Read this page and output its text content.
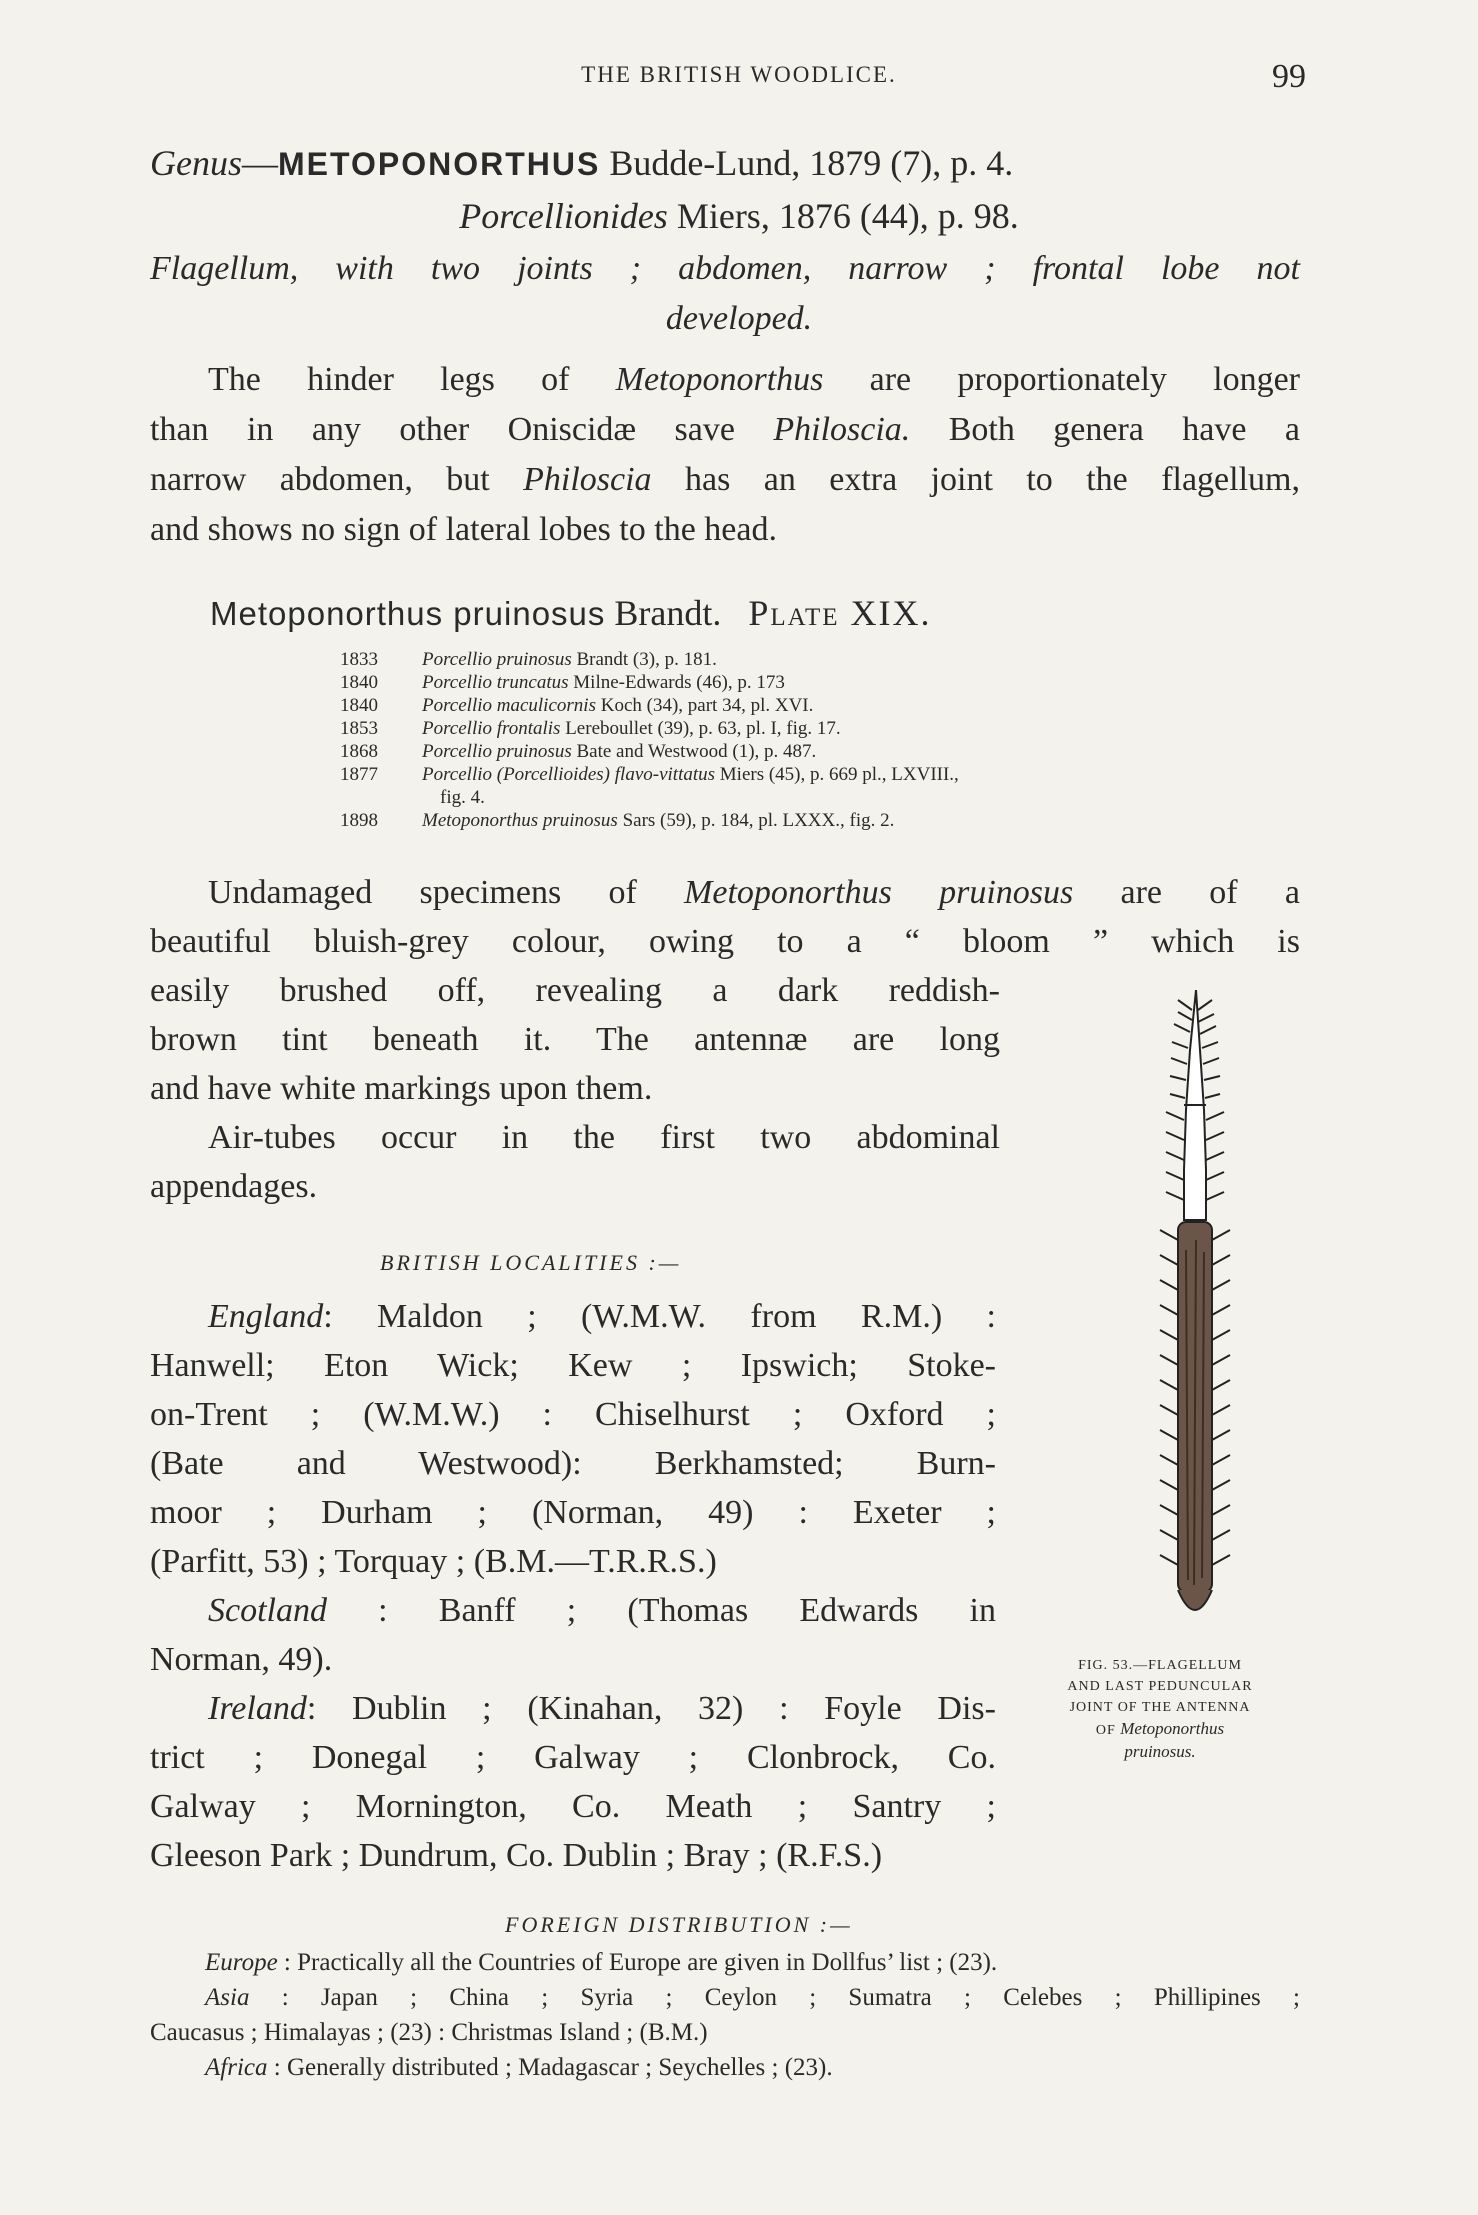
THE BRITISH WOODLICE.	99
Genus—METOPONORTHUS Budde-Lund, 1879 (7), p. 4.
Porcellionides Miers, 1876 (44), p. 98.
Flagellum, with two joints ; abdomen, narrow ; frontal lobe not
developed.
The hinder legs of Metoponorthus are proportionately longer
than in any other Oniscidæ save Philoscia. Both genera have a
narrow abdomen, but Philoscia has an extra joint to the flagellum,
and shows no sign of lateral lobes to the head.
Metoponorthus pruinosus Brandt. Plate XIX.
1833 Porcellio pruinosus Brandt (3), p. 181.
1840 Porcellio truncatus Milne-Edwards (46), p. 173
1840 Porcellio maculicornis Koch (34), part 34, pl. XVI.
1853 Porcellio frontalis Lereboullet (39), p. 63, pl. I, fig. 17.
1868 Porcellio pruinosus Bate and Westwood (1), p. 487.
1877 Porcellio (Porcellioides) flavo-vittatus Miers (45), p. 669 pl., LXVIII.,
fig. 4.
1898 Metoponorthus pruinosus Sars (59), p. 184, pl. LXXX., fig. 2.
Undamaged specimens of Metoponorthus pruinosus are of a
beautiful bluish-grey colour, owing to a “ bloom ” which is
easily brushed off, revealing a dark reddish-
brown tint beneath it. The antennæ are long
and have white markings upon them.
Air-tubes occur in the first two abdominal
appendages.
BRITISH LOCALITIES :—
England: Maldon ; (W.M.W. from R.M.) :
Hanwell; Eton Wick; Kew ; Ipswich; Stoke-
on-Trent ; (W.M.W.) : Chiselhurst ; Oxford ;
(Bate and Westwood): Berkhamsted; Burn-
moor ; Durham ; (Norman, 49) : Exeter ;
(Parfitt, 53) ; Torquay ; (B.M.—T.R.R.S.)
Scotland : Banff ; (Thomas Edwards in
Norman, 49).
Ireland: Dublin ; (Kinahan, 32) : Foyle Dis-
trict ; Donegal ; Galway ; Clonbrock, Co.
Galway ; Mornington, Co. Meath ; Santry ;
Gleeson Park ; Dundrum, Co. Dublin ; Bray ; (R.F.S.)
FIG. 53.—FLAGELLUM
AND LAST PEDUNCULAR
JOINT OF THE ANTENNA
OF Metoponorthus
pruinosus.
FOREIGN DISTRIBUTION :—
Europe : Practically all the Countries of Europe are given in Dollfus’ list ; (23).
Asia : Japan ; China ; Syria ; Ceylon ; Sumatra ; Celebes ; Phillipines ;
Caucasus ; Himalayas ; (23) : Christmas Island ; (B.M.)
Africa : Generally distributed ; Madagascar ; Seychelles ; (23).
